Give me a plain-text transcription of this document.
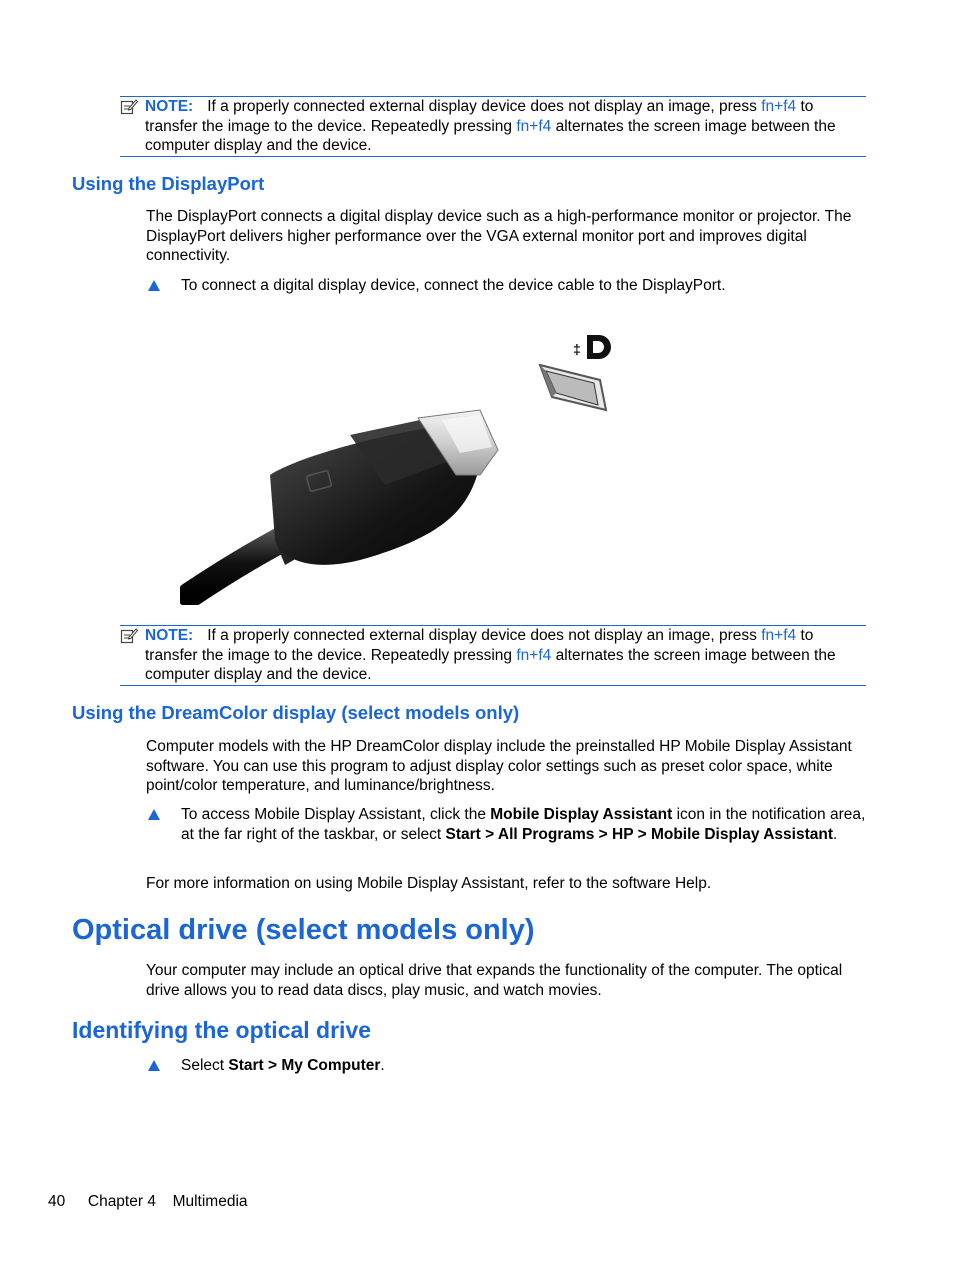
NOTE: If a properly connected external display device does not display an image, press fn+f4 to transfer the image to the device. Repeatedly pressing fn+f4 alternates the screen image between the computer display and the device.
Using the DisplayPort
The DisplayPort connects a digital display device such as a high-performance monitor or projector. The DisplayPort delivers higher performance over the VGA external monitor port and improves digital connectivity.
To connect a digital display device, connect the device cable to the DisplayPort.
‡
NOTE: If a properly connected external display device does not display an image, press fn+f4 to transfer the image to the device. Repeatedly pressing fn+f4 alternates the screen image between the computer display and the device.
Using the DreamColor display (select models only)
Computer models with the HP DreamColor display include the preinstalled HP Mobile Display Assistant software. You can use this program to adjust display color settings such as preset color space, white point/color temperature, and luminance/brightness.
To access Mobile Display Assistant, click the Mobile Display Assistant icon in the notification area, at the far right of the taskbar, or select Start > All Programs > HP > Mobile Display Assistant.
For more information on using Mobile Display Assistant, refer to the software Help.
Optical drive (select models only)
Your computer may include an optical drive that expands the functionality of the computer. The optical drive allows you to read data discs, play music, and watch movies.
Identifying the optical drive
Select Start > My Computer.
40 Chapter 4 Multimedia
